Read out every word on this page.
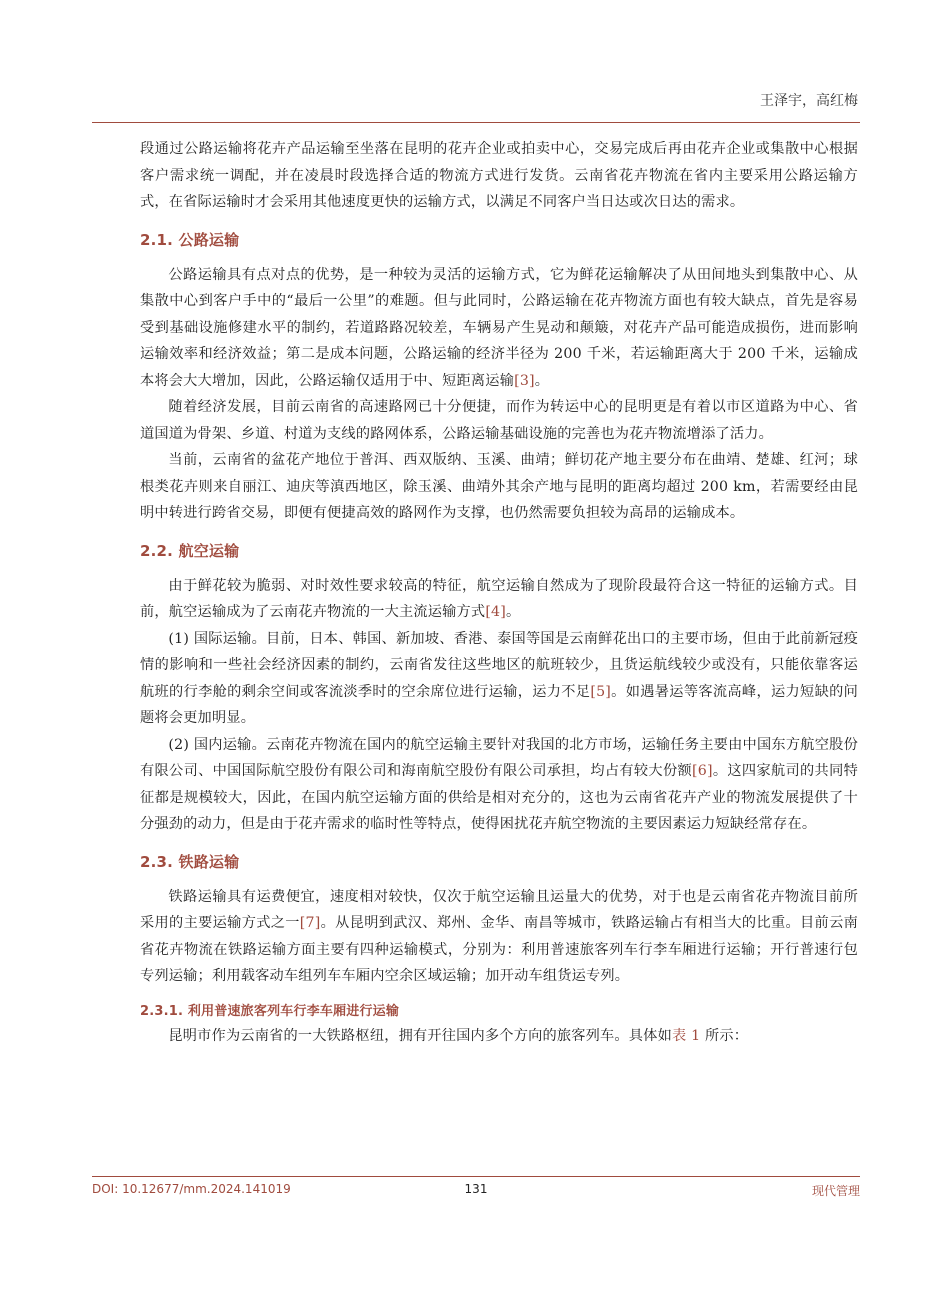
王泽宇，高红梅

段通过公路运输将花卉产品运输至坐落在昆明的花卉企业或拍卖中心，交易完成后再由花卉企业或集散中心根据客户需求统一调配，并在凌晨时段选择合适的物流方式进行发货。云南省花卉物流在省内主要采用公路运输方式，在省际运输时才会采用其他速度更快的运输方式，以满足不同客户当日达或次日达的需求。

2.1. 公路运输

公路运输具有点对点的优势，是一种较为灵活的运输方式，它为鲜花运输解决了从田间地头到集散中心、从集散中心到客户手中的“最后一公里”的难题。但与此同时，公路运输在花卉物流方面也有较大缺点，首先是容易受到基础设施修建水平的制约，若道路路况较差，车辆易产生晃动和颠簸，对花卉产品可能造成损伤，进而影响运输效率和经济效益；第二是成本问题，公路运输的经济半径为 200 千米，若运输距离大于 200 千米，运输成本将会大大增加，因此，公路运输仅适用于中、短距离运输[3]。

随着经济发展，目前云南省的高速路网已十分便捷，而作为转运中心的昆明更是有着以市区道路为中心、省道国道为骨架、乡道、村道为支线的路网体系，公路运输基础设施的完善也为花卉物流增添了活力。

当前，云南省的盆花产地位于普洱、西双版纳、玉溪、曲靖；鲜切花产地主要分布在曲靖、楚雄、红河；球根类花卉则来自丽江、迪庆等滇西地区，除玉溪、曲靖外其余产地与昆明的距离均超过 200 km，若需要经由昆明中转进行跨省交易，即便有便捷高效的路网作为支撑，也仍然需要负担较为高昂的运输成本。

2.2. 航空运输

由于鲜花较为脆弱、对时效性要求较高的特征，航空运输自然成为了现阶段最符合这一特征的运输方式。目前，航空运输成为了云南花卉物流的一大主流运输方式[4]。

(1) 国际运输。目前，日本、韩国、新加坡、香港、泰国等国是云南鲜花出口的主要市场，但由于此前新冠疫情的影响和一些社会经济因素的制约，云南省发往这些地区的航班较少，且货运航线较少或没有，只能依靠客运航班的行李舱的剩余空间或客流淡季时的空余席位进行运输，运力不足[5]。如遇暑运等客流高峰，运力短缺的问题将会更加明显。

(2) 国内运输。云南花卉物流在国内的航空运输主要针对我国的北方市场，运输任务主要由中国东方航空股份有限公司、中国国际航空股份有限公司和海南航空股份有限公司承担，均占有较大份额[6]。这四家航司的共同特征都是规模较大，因此，在国内航空运输方面的供给是相对充分的，这也为云南省花卉产业的物流发展提供了十分强劲的动力，但是由于花卉需求的临时性等特点，使得困扰花卉航空物流的主要因素运力短缺经常存在。

2.3. 铁路运输

铁路运输具有运费便宜，速度相对较快，仅次于航空运输且运量大的优势，对于也是云南省花卉物流目前所采用的主要运输方式之一[7]。从昆明到武汉、郑州、金华、南昌等城市，铁路运输占有相当大的比重。目前云南省花卉物流在铁路运输方面主要有四种运输模式，分别为：利用普速旅客列车行李车厢进行运输；开行普速行包专列运输；利用载客动车组列车车厢内空余区域运输；加开动车组货运专列。

2.3.1. 利用普速旅客列车行李车厢进行运输

昆明市作为云南省的一大铁路枢纽，拥有开往国内多个方向的旅客列车。具体如表 1 所示：

DOI: 10.12677/mm.2024.141019	131	现代管理
